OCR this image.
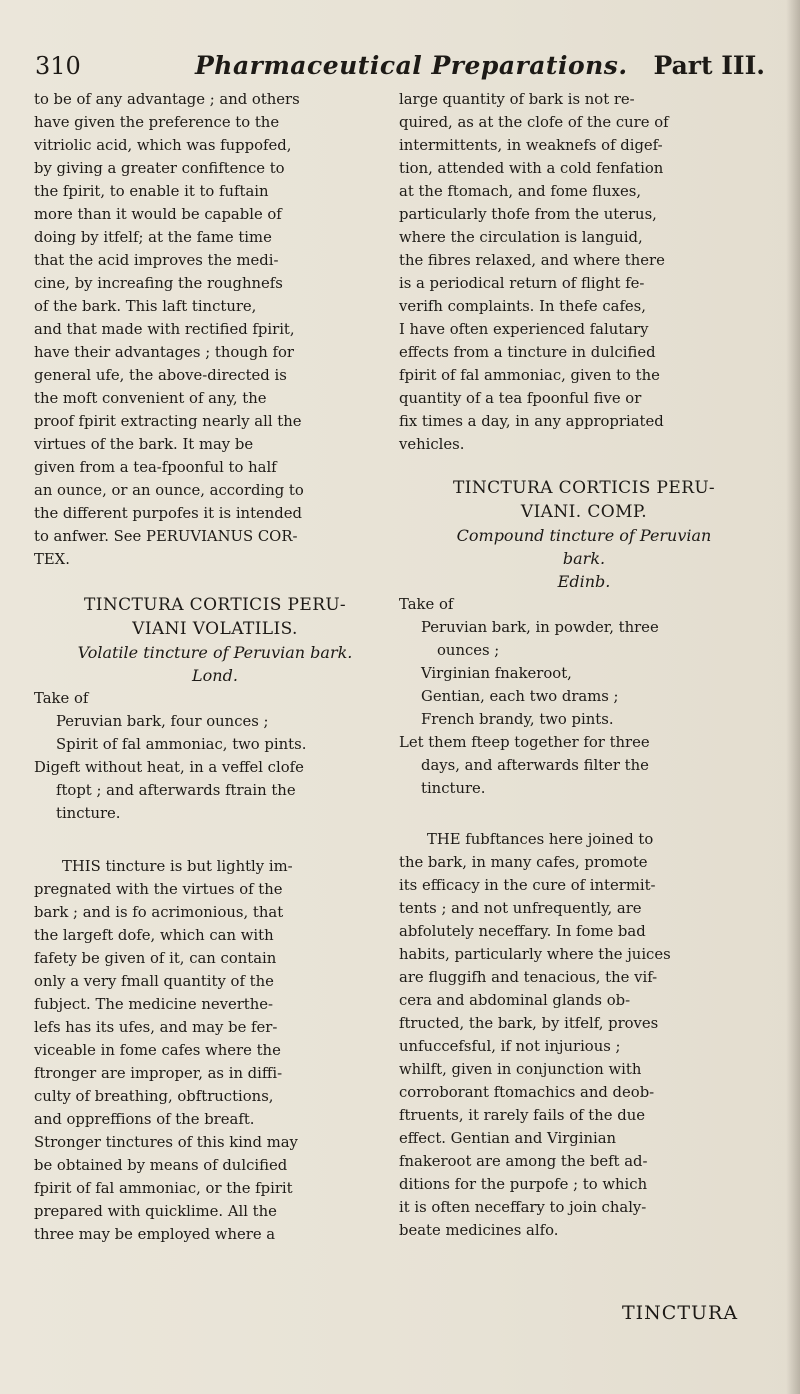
310	Pharmaceutical Preparations. Part III.
to be of any advantage ; and others
have given the preference to the
vitriolic acid, which was fuppofed,
by giving a greater confiftence to
the fpirit, to enable it to fuftain
more than it would be capable of
doing by itfelf; at the fame time
that the acid improves the medi-
cine, by increafing the roughnefs
of the bark. This laft tincture,
and that made with rectified fpirit,
have their advantages ; though for
general ufe, the above-directed is
the moft convenient of any, the
proof fpirit extracting nearly all the
virtues of the bark. It may be
given from a tea-fpoonful to half
an ounce, or an ounce, according to
the different purpofes it is intended
to anfwer. See PERUVIANUS COR-
TEX.
TINCTURA CORTICIS PERU-
VIANI VOLATILIS.
Volatile tincture of Peruvian bark.
Lond.
Take of
Peruvian bark, four ounces ;
Spirit of fal ammoniac, two pints.
Digeft without heat, in a veffel clofe
ftopt ; and afterwards ftrain the
tincture.
THIS tincture is but lightly im-
pregnated with the virtues of the
bark ; and is fo acrimonious, that
the largeft dofe, which can with
fafety be given of it, can contain
only a very fmall quantity of the
fubject. The medicine neverthe-
lefs has its ufes, and may be fer-
viceable in fome cafes where the
ftronger are improper, as in diffi-
culty of breathing, obftructions,
and oppreffions of the breaft.
Stronger tinctures of this kind may
be obtained by means of dulcified
fpirit of fal ammoniac, or the fpirit
prepared with quicklime. All the
three may be employed where a
large quantity of bark is not re-
quired, as at the clofe of the cure of
intermittents, in weaknefs of digef-
tion, attended with a cold fenfation
at the ftomach, and fome fluxes,
particularly thofe from the uterus,
where the circulation is languid,
the fibres relaxed, and where there
is a periodical return of flight fe-
verifh complaints. In thefe cafes,
I have often experienced falutary
effects from a tincture in dulcified
fpirit of fal ammoniac, given to the
quantity of a tea fpoonful five or
fix times a day, in any appropriated
vehicles.
TINCTURA CORTICIS PERU-
VIANI. COMP.
Compound tincture of Peruvian
bark.
Edinb.
Take of
Peruvian bark, in powder, three
ounces ;
Virginian fnakeroot,
Gentian, each two drams ;
French brandy, two pints.
Let them fteep together for three
days, and afterwards filter the
tincture.
THE fubftances here joined to
the bark, in many cafes, promote
its efficacy in the cure of intermit-
tents ; and not unfrequently, are
abfolutely neceffary. In fome bad
habits, particularly where the juices
are fluggifh and tenacious, the vif-
cera and abdominal glands ob-
ftructed, the bark, by itfelf, proves
unfuccefsful, if not injurious ;
whilft, given in conjunction with
corroborant ftomachics and deob-
ftruents, it rarely fails of the due
effect. Gentian and Virginian
fnakeroot are among the beft ad-
ditions for the purpofe ; to which
it is often neceffary to join chaly-
beate medicines alfo.
TINCTURA
